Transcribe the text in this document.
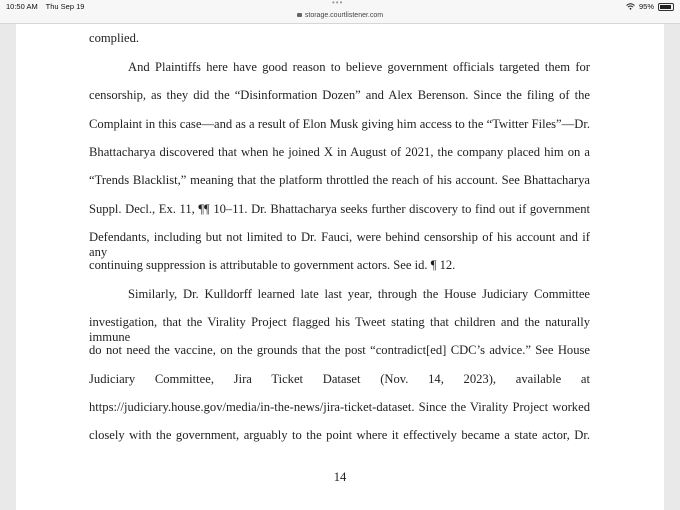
10:50 AM Thu Sep 19	•••	95%
storage.courtlistener.com
complied.
And Plaintiffs here have good reason to believe government officials targeted them for
censorship, as they did the “Disinformation Dozen” and Alex Berenson. Since the filing of the
Complaint in this case—and as a result of Elon Musk giving him access to the “Twitter Files”—Dr.
Bhattacharya discovered that when he joined X in August of 2021, the company placed him on a
“Trends Blacklist,” meaning that the platform throttled the reach of his account. See Bhattacharya
Suppl. Decl., Ex. 11, ¶¶ 10–11. Dr. Bhattacharya seeks further discovery to find out if government
Defendants, including but not limited to Dr. Fauci, were behind censorship of his account and if any
continuing suppression is attributable to government actors. See id. ¶ 12.
Similarly, Dr. Kulldorff learned late last year, through the House Judiciary Committee
investigation, that the Virality Project flagged his Tweet stating that children and the naturally immune
do not need the vaccine, on the grounds that the post “contradict[ed] CDC’s advice.” See House
Judiciary Committee, Jira Ticket Dataset (Nov. 14, 2023), available at
https://judiciary.house.gov/media/in-the-news/jira-ticket-dataset. Since the Virality Project worked
closely with the government, arguably to the point where it effectively became a state actor, Dr.
14
